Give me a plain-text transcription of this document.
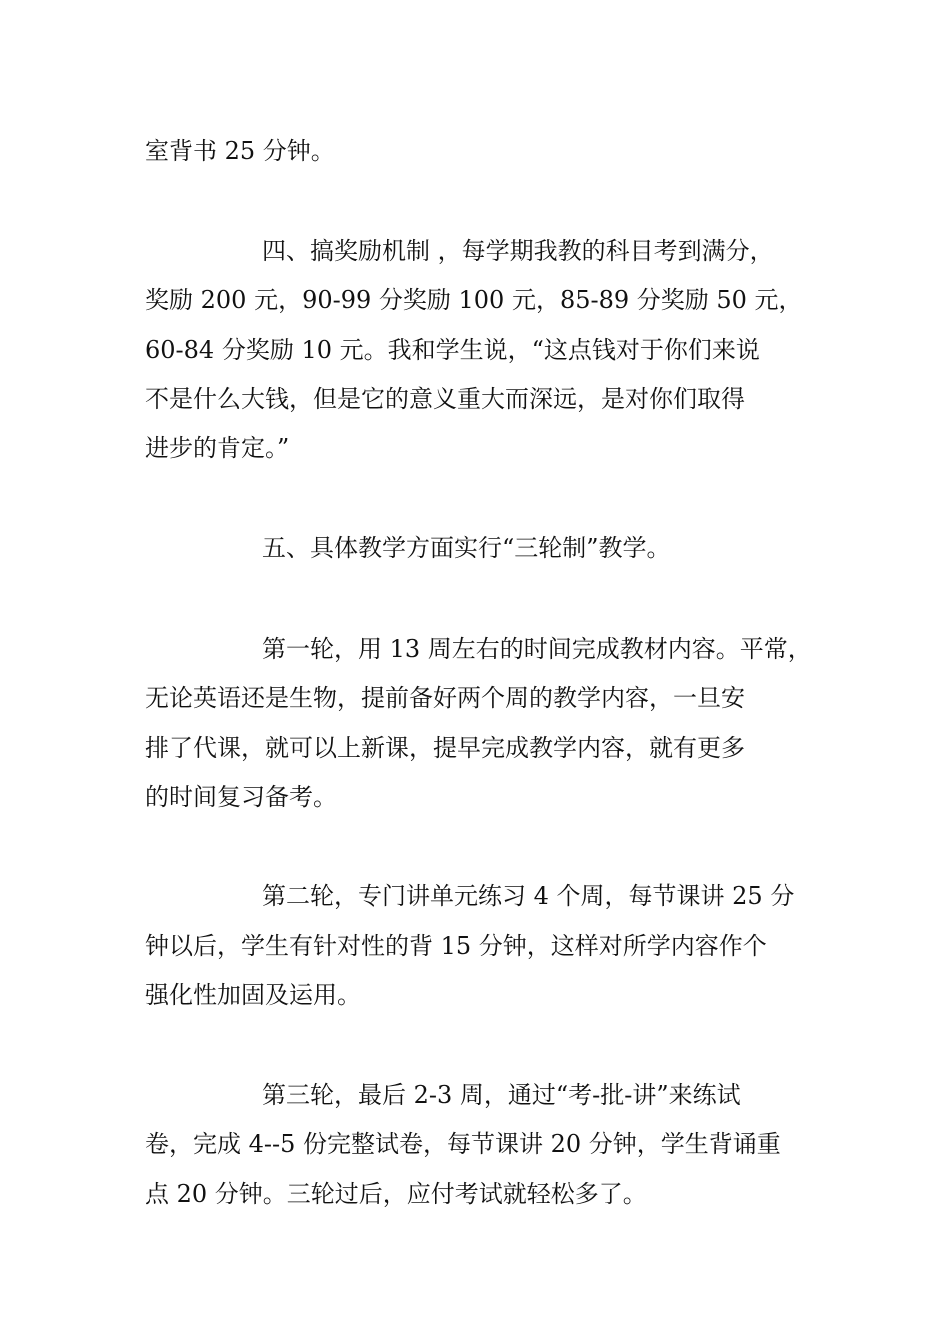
室背书 25 分钟。
四、搞奖励机制 ，每学期我教的科目考到满分，
奖励 200 元，90-99 分奖励 100 元，85-89 分奖励 50 元，
60-84 分奖励 10 元。我和学生说，“这点钱对于你们来说
不是什么大钱，但是它的意义重大而深远，是对你们取得
进步的肯定。”
五、具体教学方面实行“三轮制”教学。
第一轮，用 13 周左右的时间完成教材内容。平常，
无论英语还是生物，提前备好两个周的教学内容，一旦安
排了代课，就可以上新课，提早完成教学内容，就有更多
的时间复习备考。
第二轮，专门讲单元练习 4 个周，每节课讲 25 分
钟以后，学生有针对性的背 15 分钟，这样对所学内容作个
强化性加固及运用。
第三轮，最后 2-3 周，通过“考-批-讲”来练试
卷，完成 4--5 份完整试卷，每节课讲 20 分钟，学生背诵重
点 20 分钟。三轮过后，应付考试就轻松多了。
